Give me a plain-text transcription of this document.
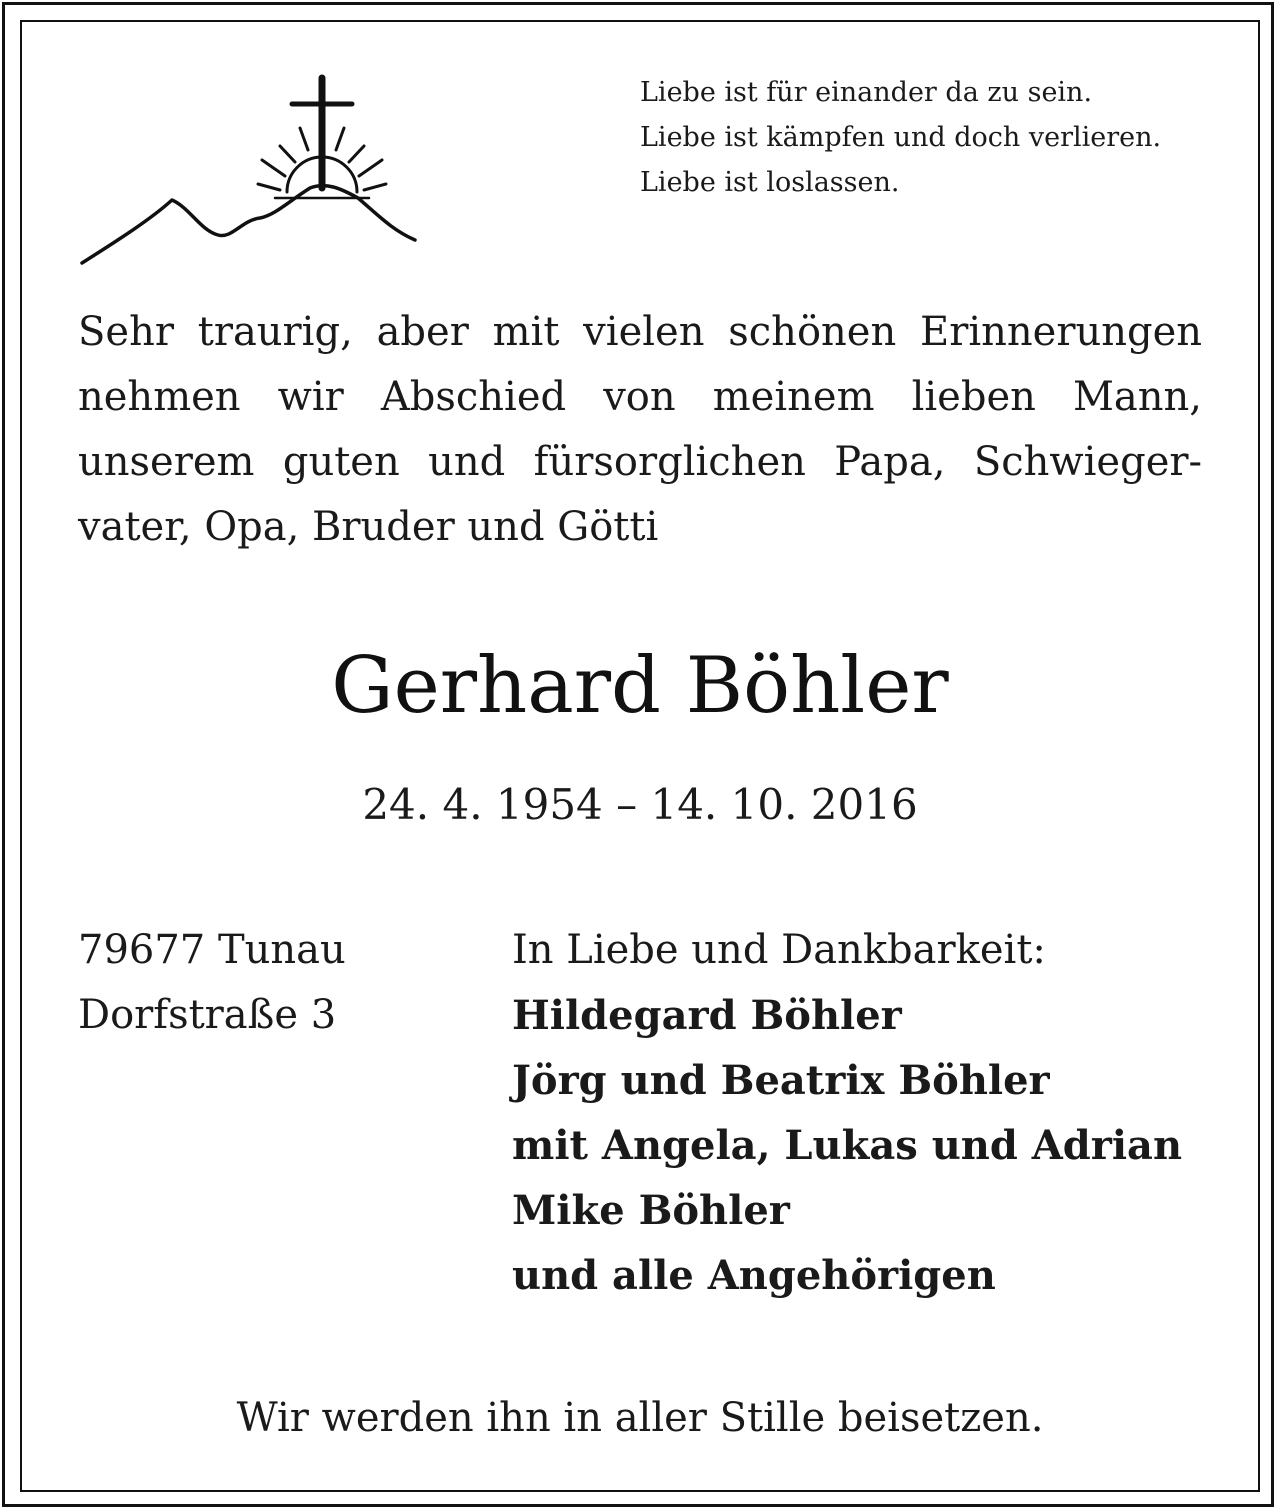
Liebe ist für einander da zu sein.
Liebe ist kämpfen und doch verlieren.
Liebe ist loslassen.
Sehr traurig, aber mit vielen schönen Erinnerungen
nehmen wir Abschied von meinem lieben Mann,
unserem guten und fürsorglichen Papa, Schwieger-
vater, Opa, Bruder und Götti
Gerhard Böhler
24. 4. 1954 – 14. 10. 2016
79677 Tunau
Dorfstraße 3
In Liebe und Dankbarkeit:
Hildegard Böhler
Jörg und Beatrix Böhler
mit Angela, Lukas und Adrian
Mike Böhler
und alle Angehörigen
Wir werden ihn in aller Stille beisetzen.
